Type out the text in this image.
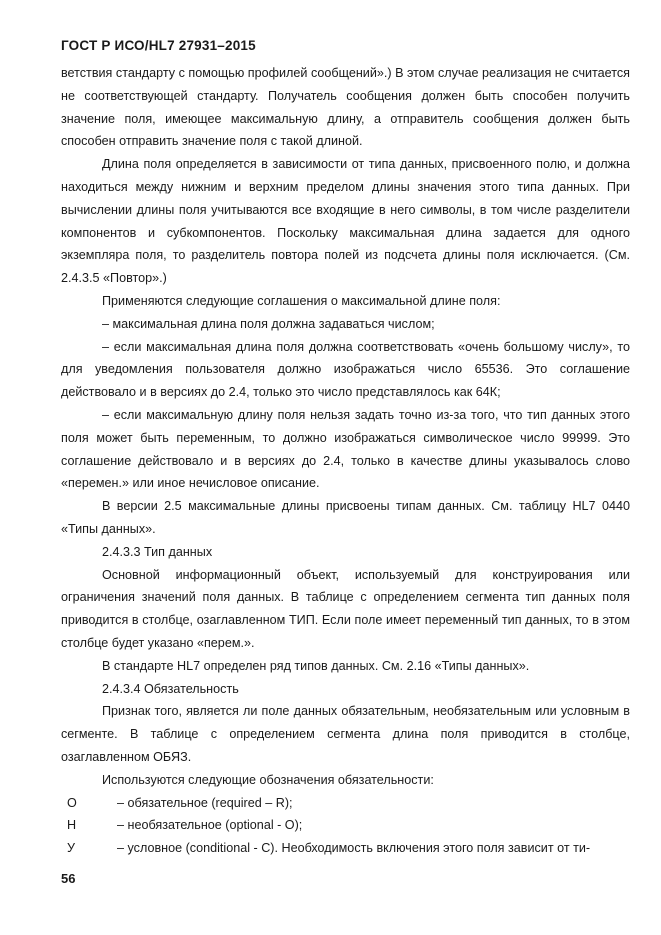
ГОСТ Р ИСО/HL7 27931–2015

ветствия стандарту с помощью профилей сообщений».) В этом случае реализация не считается не соответствующей стандарту. Получатель сообщения должен быть способен получить значение поля, имеющее максимальную длину, а отправитель сообщения должен быть способен отправить значение поля с такой длиной.

Длина поля определяется в зависимости от типа данных, присвоенного полю, и должна находиться между нижним и верхним пределом длины значения этого типа данных. При вычислении длины поля учитываются все входящие в него символы, в том числе разделители компонентов и субкомпонентов. Поскольку максимальная длина задается для одного экземпляра поля, то разделитель повтора полей из подсчета длины поля исключается. (См. 2.4.3.5 «Повтор».)

Применяются следующие соглашения о максимальной длине поля:

– максимальная длина поля должна задаваться числом;

– если максимальная длина поля должна соответствовать «очень большому числу», то для уведомления пользователя должно изображаться число 65536. Это соглашение действовало и в версиях до 2.4, только это число представлялось как 64К;

– если максимальную длину поля нельзя задать точно из-за того, что тип данных этого поля может быть переменным, то должно изображаться символическое число 99999. Это соглашение действовало и в версиях до 2.4, только в качестве длины указывалось слово «перемен.» или иное нечисловое описание.

В версии 2.5 максимальные длины присвоены типам данных. См. таблицу HL7 0440 «Типы данных».

2.4.3.3 Тип данных

Основной информационный объект, используемый для конструирования или ограничения значений поля данных. В таблице с определением сегмента тип данных поля приводится в столбце, озаглавленном ТИП. Если поле имеет переменный тип данных, то в этом столбце будет указано «перем.».

В стандарте HL7 определен ряд типов данных. См. 2.16 «Типы данных».

2.4.3.4 Обязательность

Признак того, является ли поле данных обязательным, необязательным или условным в сегменте. В таблице с определением сегмента длина поля приводится в столбце, озаглавленном ОБЯЗ.

Используются следующие обозначения обязательности:

О	– обязательное (required – R);
Н	– необязательное (optional - O);
У	– условное (conditional - C). Необходимость включения этого поля зависит от ти-
56
